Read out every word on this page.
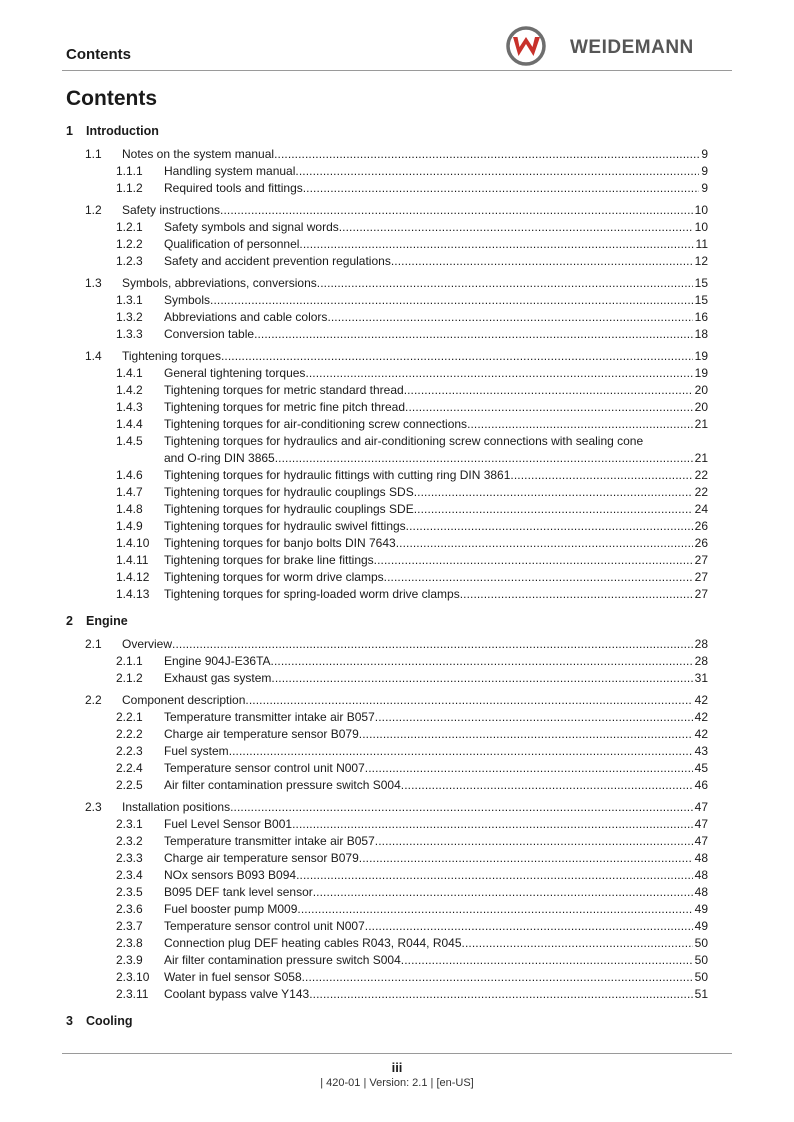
Contents	WEIDEMANN
Contents
1	Introduction
1.1	Notes on the system manual .....	9
1.1.1	Handling system manual .....	9
1.1.2	Required tools and fittings .....	9
1.2	Safety instructions .....	10
1.2.1	Safety symbols and signal words .....	10
1.2.2	Qualification of personnel .....	11
1.2.3	Safety and accident prevention regulations .....	12
1.3	Symbols, abbreviations, conversions .....	15
1.3.1	Symbols .....	15
1.3.2	Abbreviations and cable colors .....	16
1.3.3	Conversion table .....	18
1.4	Tightening torques .....	19
1.4.1	General tightening torques .....	19
1.4.2	Tightening torques for metric standard thread .....	20
1.4.3	Tightening torques for metric fine pitch thread .....	20
1.4.4	Tightening torques for air-conditioning screw connections .....	21
1.4.5	Tightening torques for hydraulics and air-conditioning screw connections with sealing cone
and O-ring DIN 3865 .....	21
1.4.6	Tightening torques for hydraulic fittings with cutting ring DIN 3861 .....	22
1.4.7	Tightening torques for hydraulic couplings SDS .....	22
1.4.8	Tightening torques for hydraulic couplings SDE .....	24
1.4.9	Tightening torques for hydraulic swivel fittings .....	26
1.4.10	Tightening torques for banjo bolts DIN 7643 .....	26
1.4.11	Tightening torques for brake line fittings .....	27
1.4.12	Tightening torques for worm drive clamps .....	27
1.4.13	Tightening torques for spring-loaded worm drive clamps .....	27
2	Engine
2.1	Overview .....	28
2.1.1	Engine 904J-E36TA .....	28
2.1.2	Exhaust gas system .....	31
2.2	Component description .....	42
2.2.1	Temperature transmitter intake air B057 .....	42
2.2.2	Charge air temperature sensor B079 .....	42
2.2.3	Fuel system .....	43
2.2.4	Temperature sensor control unit N007 .....	45
2.2.5	Air filter contamination pressure switch S004 .....	46
2.3	Installation positions .....	47
2.3.1	Fuel Level Sensor B001 .....	47
2.3.2	Temperature transmitter intake air B057 .....	47
2.3.3	Charge air temperature sensor B079 .....	48
2.3.4	NOx sensors B093 B094 .....	48
2.3.5	B095 DEF tank level sensor .....	48
2.3.6	Fuel booster pump M009 .....	49
2.3.7	Temperature sensor control unit N007 .....	49
2.3.8	Connection plug DEF heating cables R043, R044, R045 .....	50
2.3.9	Air filter contamination pressure switch S004 .....	50
2.3.10	Water in fuel sensor S058 .....	50
2.3.11	Coolant bypass valve Y143 .....	51
3	Cooling
iii
| 420-01 | Version: 2.1 | [en-US]
